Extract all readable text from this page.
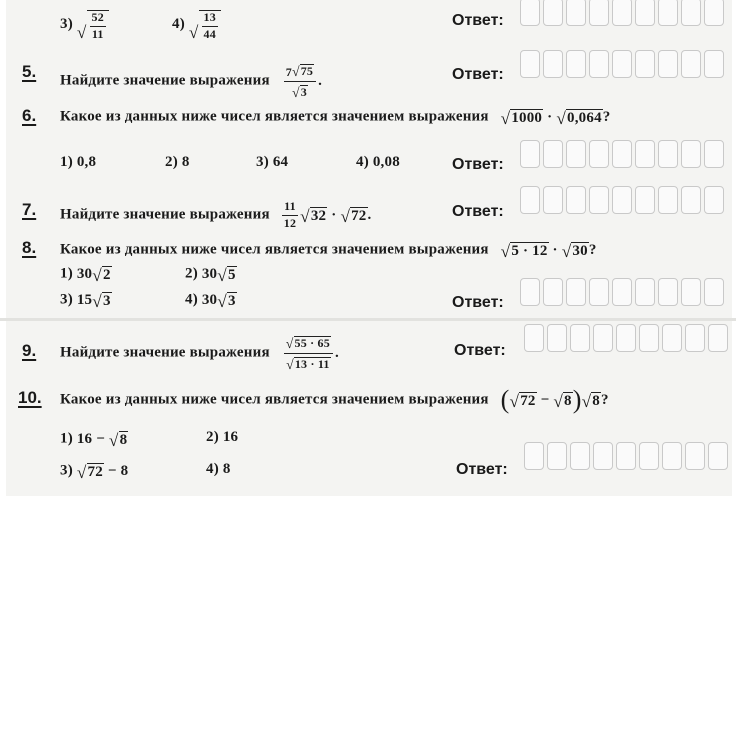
3) √ $\frac{52}{11}$	4) √ $\frac{13}{44}$	Ответ:
5. Найдите значение выражения $\frac{7 √ 75}{√ 3}$ .	Ответ:
6. Какое из данных ниже чисел является значением выражения √ 1000 · √ 0,064 ?
1) 0,8	2) 8	3) 64	4) 0,08	Ответ:
7. Найдите значение выражения $\frac{11}{12}$ √ 32 · √ 72 .	Ответ:
8. Какое из данных ниже чисел является значением выражения √ 5 · 12 · √ 30 ?
1) 30 √ 2	2) 30 √ 5
3) 15 √ 3	4) 30 √ 3	Ответ:
9. Найдите значение выражения $\frac{√ 55 \cdot 65}{√ 13 \cdot 11}$ .	Ответ:
10. Какое из данных ниже чисел является значением выражения ( √ 72 − √ 8 ) √ 8 ?
1) 16 −
√ 8	2) 16
3) √ 72
− 8	4) 8	Ответ:
